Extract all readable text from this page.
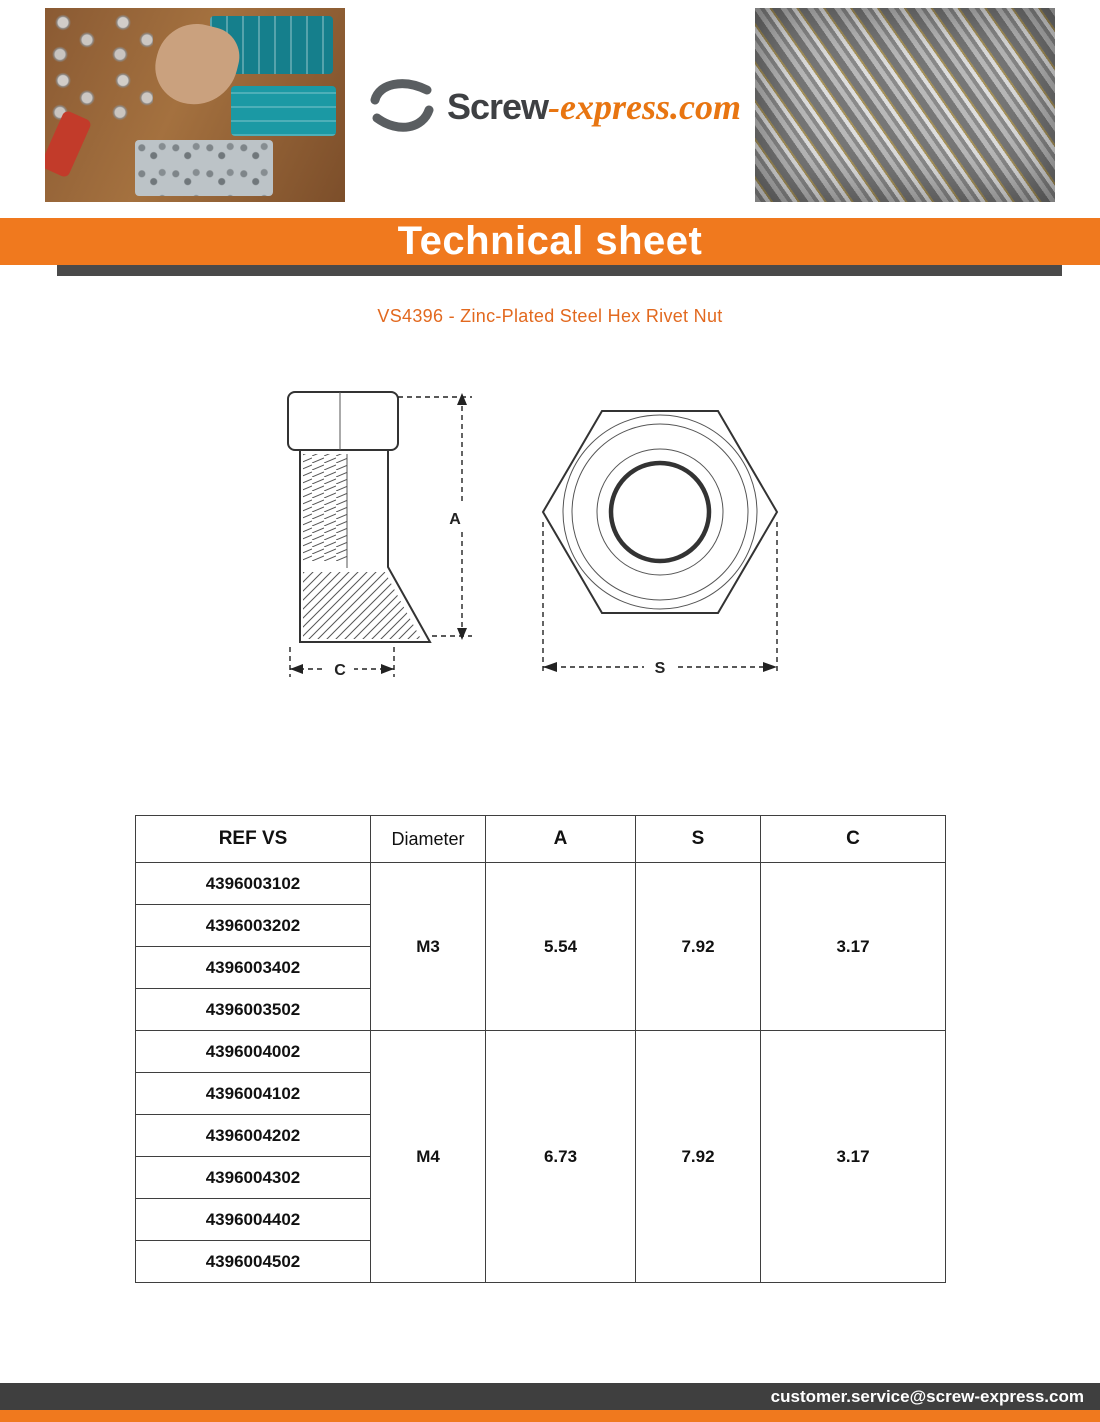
Screw-express.com
Technical sheet
VS4396 - Zinc-Plated Steel Hex Rivet Nut
A
C	S
REF VS	Diameter	A	S	C
4396003102	M3	5.54	7.92	3.17
4396003202				
4396003402				
4396003502				
4396004002	M4	6.73	7.92	3.17
4396004102				
4396004202				
4396004302				
4396004402				
4396004502				
customer.service@screw-express.com
